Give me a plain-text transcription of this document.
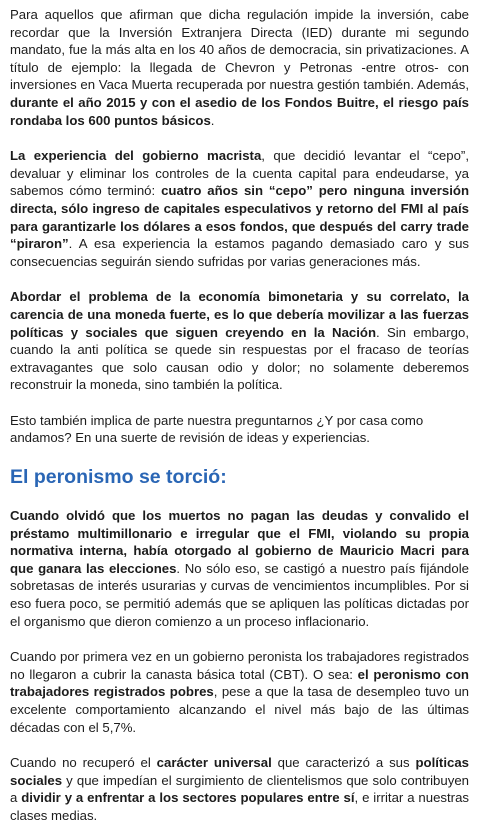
Para aquellos que afirman que dicha regulación impide la inversión, cabe recordar que la Inversión Extranjera Directa (IED) durante mi segundo mandato, fue la más alta en los 40 años de democracia, sin privatizaciones. A título de ejemplo: la llegada de Chevron y Petronas -entre otros- con inversiones en Vaca Muerta recuperada por nuestra gestión también. Además, durante el año 2015 y con el asedio de los Fondos Buitre, el riesgo país rondaba los 600 puntos básicos.

La experiencia del gobierno macrista, que decidió levantar el “cepo”, devaluar y eliminar los controles de la cuenta capital para endeudarse, ya sabemos cómo terminó: cuatro años sin “cepo” pero ninguna inversión directa, sólo ingreso de capitales especulativos y retorno del FMI al país para garantizarle los dólares a esos fondos, que después del carry trade “piraron”. A esa experiencia la estamos pagando demasiado caro y sus consecuencias seguirán siendo sufridas por varias generaciones más.

Abordar el problema de la economía bimonetaria y su correlato, la carencia de una moneda fuerte, es lo que debería movilizar a las fuerzas políticas y sociales que siguen creyendo en la Nación. Sin embargo, cuando la anti política se quede sin respuestas por el fracaso de teorías extravagantes que solo causan odio y dolor; no solamente deberemos reconstruir la moneda, sino también la política.

Esto también implica de parte nuestra preguntarnos ¿Y por casa como andamos? En una suerte de revisión de ideas y experiencias.

El peronismo se torció:

Cuando olvidó que los muertos no pagan las deudas y convalido el préstamo multimillonario e irregular que el FMI, violando su propia normativa interna, había otorgado al gobierno de Mauricio Macri para que ganara las elecciones. No sólo eso, se castigó a nuestro país fijándole sobretasas de interés usurarias y curvas de vencimientos incumplibles. Por si eso fuera poco, se permitió además que se apliquen las políticas dictadas por el organismo que dieron comienzo a un proceso inflacionario.

Cuando por primera vez en un gobierno peronista los trabajadores registrados no llegaron a cubrir la canasta básica total (CBT). O sea: el peronismo con trabajadores registrados pobres, pese a que la tasa de desempleo tuvo un excelente comportamiento alcanzando el nivel más bajo de las últimas décadas con el 5,7%.

Cuando no recuperó el carácter universal que caracterizó a sus políticas sociales y que impedían el surgimiento de clientelismos que solo contribuyen a dividir y a enfrentar a los sectores populares entre sí, e irritar a nuestras clases medias.
